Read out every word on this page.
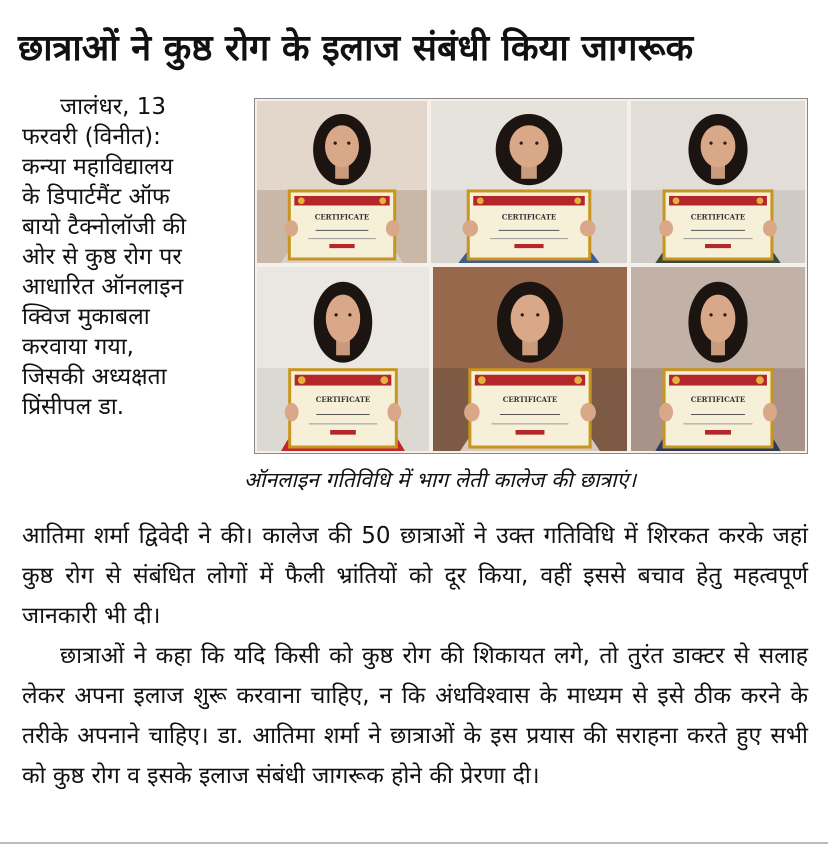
छात्राओं ने कुष्ठ रोग के इलाज संबंधी किया जागरूक
जालंधर, 13
फरवरी (विनीत):
कन्या महाविद्यालय
के डिपार्टमैंट ऑफ
बायो टैक्नोलॉजी की
ओर से कुष्ठ रोग पर
आधारित ऑनलाइन
क्विज मुकाबला
करवाया गया,
जिसकी अध्यक्षता
प्रिंसीपल डा.
CERTIFICATE	CERTIFICATE	CERTIFICATE
CERTIFICATE	CERTIFICATE	CERTIFICATE
ऑनलाइन गतिविधि में भाग लेती कालेज की छात्राएं।

आतिमा शर्मा द्विवेदी ने की। कालेज की 50 छात्राओं ने उक्त गतिविधि में शिरकत करके जहां कुष्ठ रोग से संबंधित लोगों में फैली भ्रांतियों को दूर किया, वहीं इससे बचाव हेतु महत्वपूर्ण जानकारी भी दी।

छात्राओं ने कहा कि यदि किसी को कुष्ठ रोग की शिकायत लगे, तो तुरंत डाक्टर से सलाह लेकर अपना इलाज शुरू करवाना चाहिए, न कि अंधविश्वास के माध्यम से इसे ठीक करने के तरीके अपनाने चाहिए। डा. आतिमा शर्मा ने छात्राओं के इस प्रयास की सराहना करते हुए सभी को कुष्ठ रोग व इसके इलाज संबंधी जागरूक होने की प्रेरणा दी।
